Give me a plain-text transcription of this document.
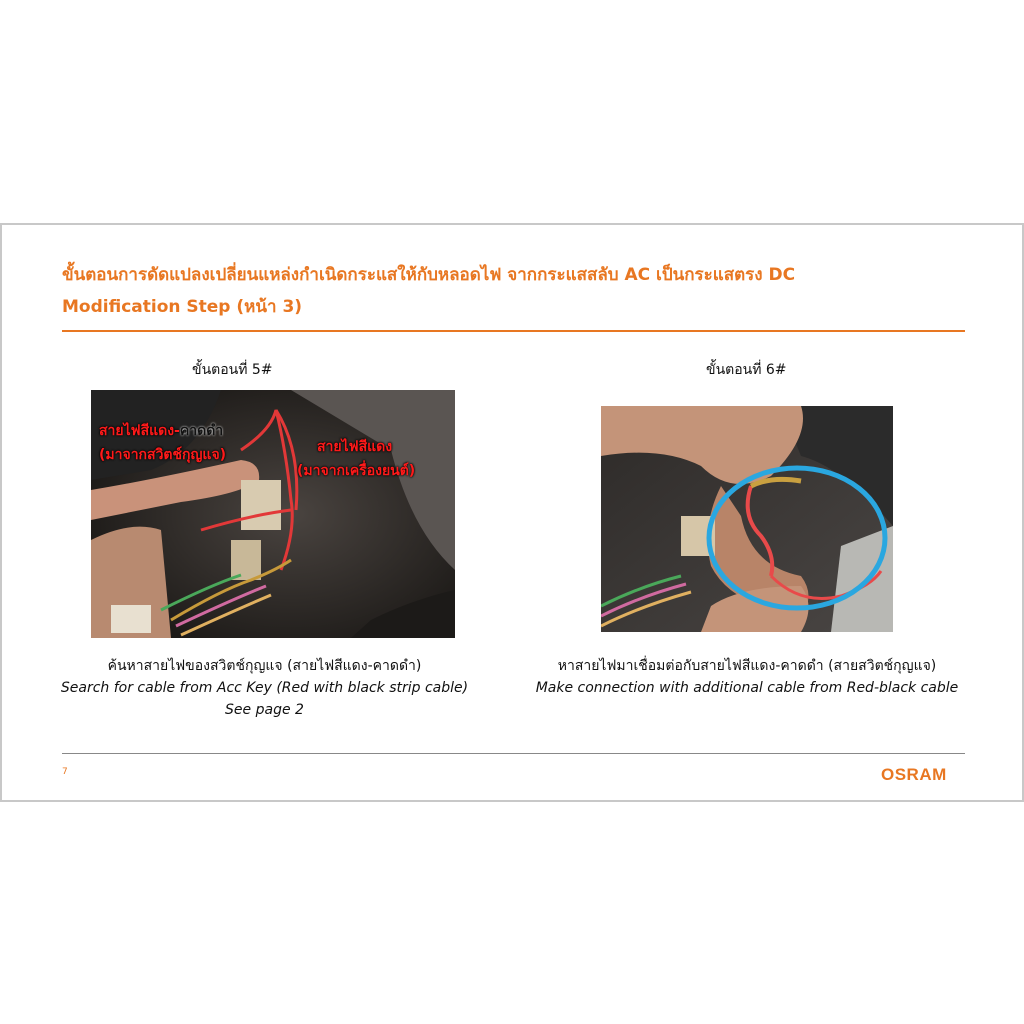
ขั้นตอนการดัดแปลงเปลี่ยนแหล่งกำเนิดกระแสให้กับหลอดไฟ จากกระแสสลับ AC เป็นกระแสตรง DC
Modification Step (หน้า 3)
ขั้นตอนที่ 5#	ขั้นตอนที่ 6#
สายไฟสีแดง-คาดดำ
(มาจากสวิตช์กุญแจ)	สายไฟสีแดง
(มาจากเครื่องยนต์)
ค้นหาสายไฟของสวิตช์กุญแจ (สายไฟสีแดง-คาดดำ)
Search for cable from Acc Key (Red with black strip cable)
See page 2
หาสายไฟมาเชื่อมต่อกับสายไฟสีแดง-คาดดำ (สายสวิตช์กุญแจ)
Make connection with additional cable from Red-black cable
7	OSRAM
